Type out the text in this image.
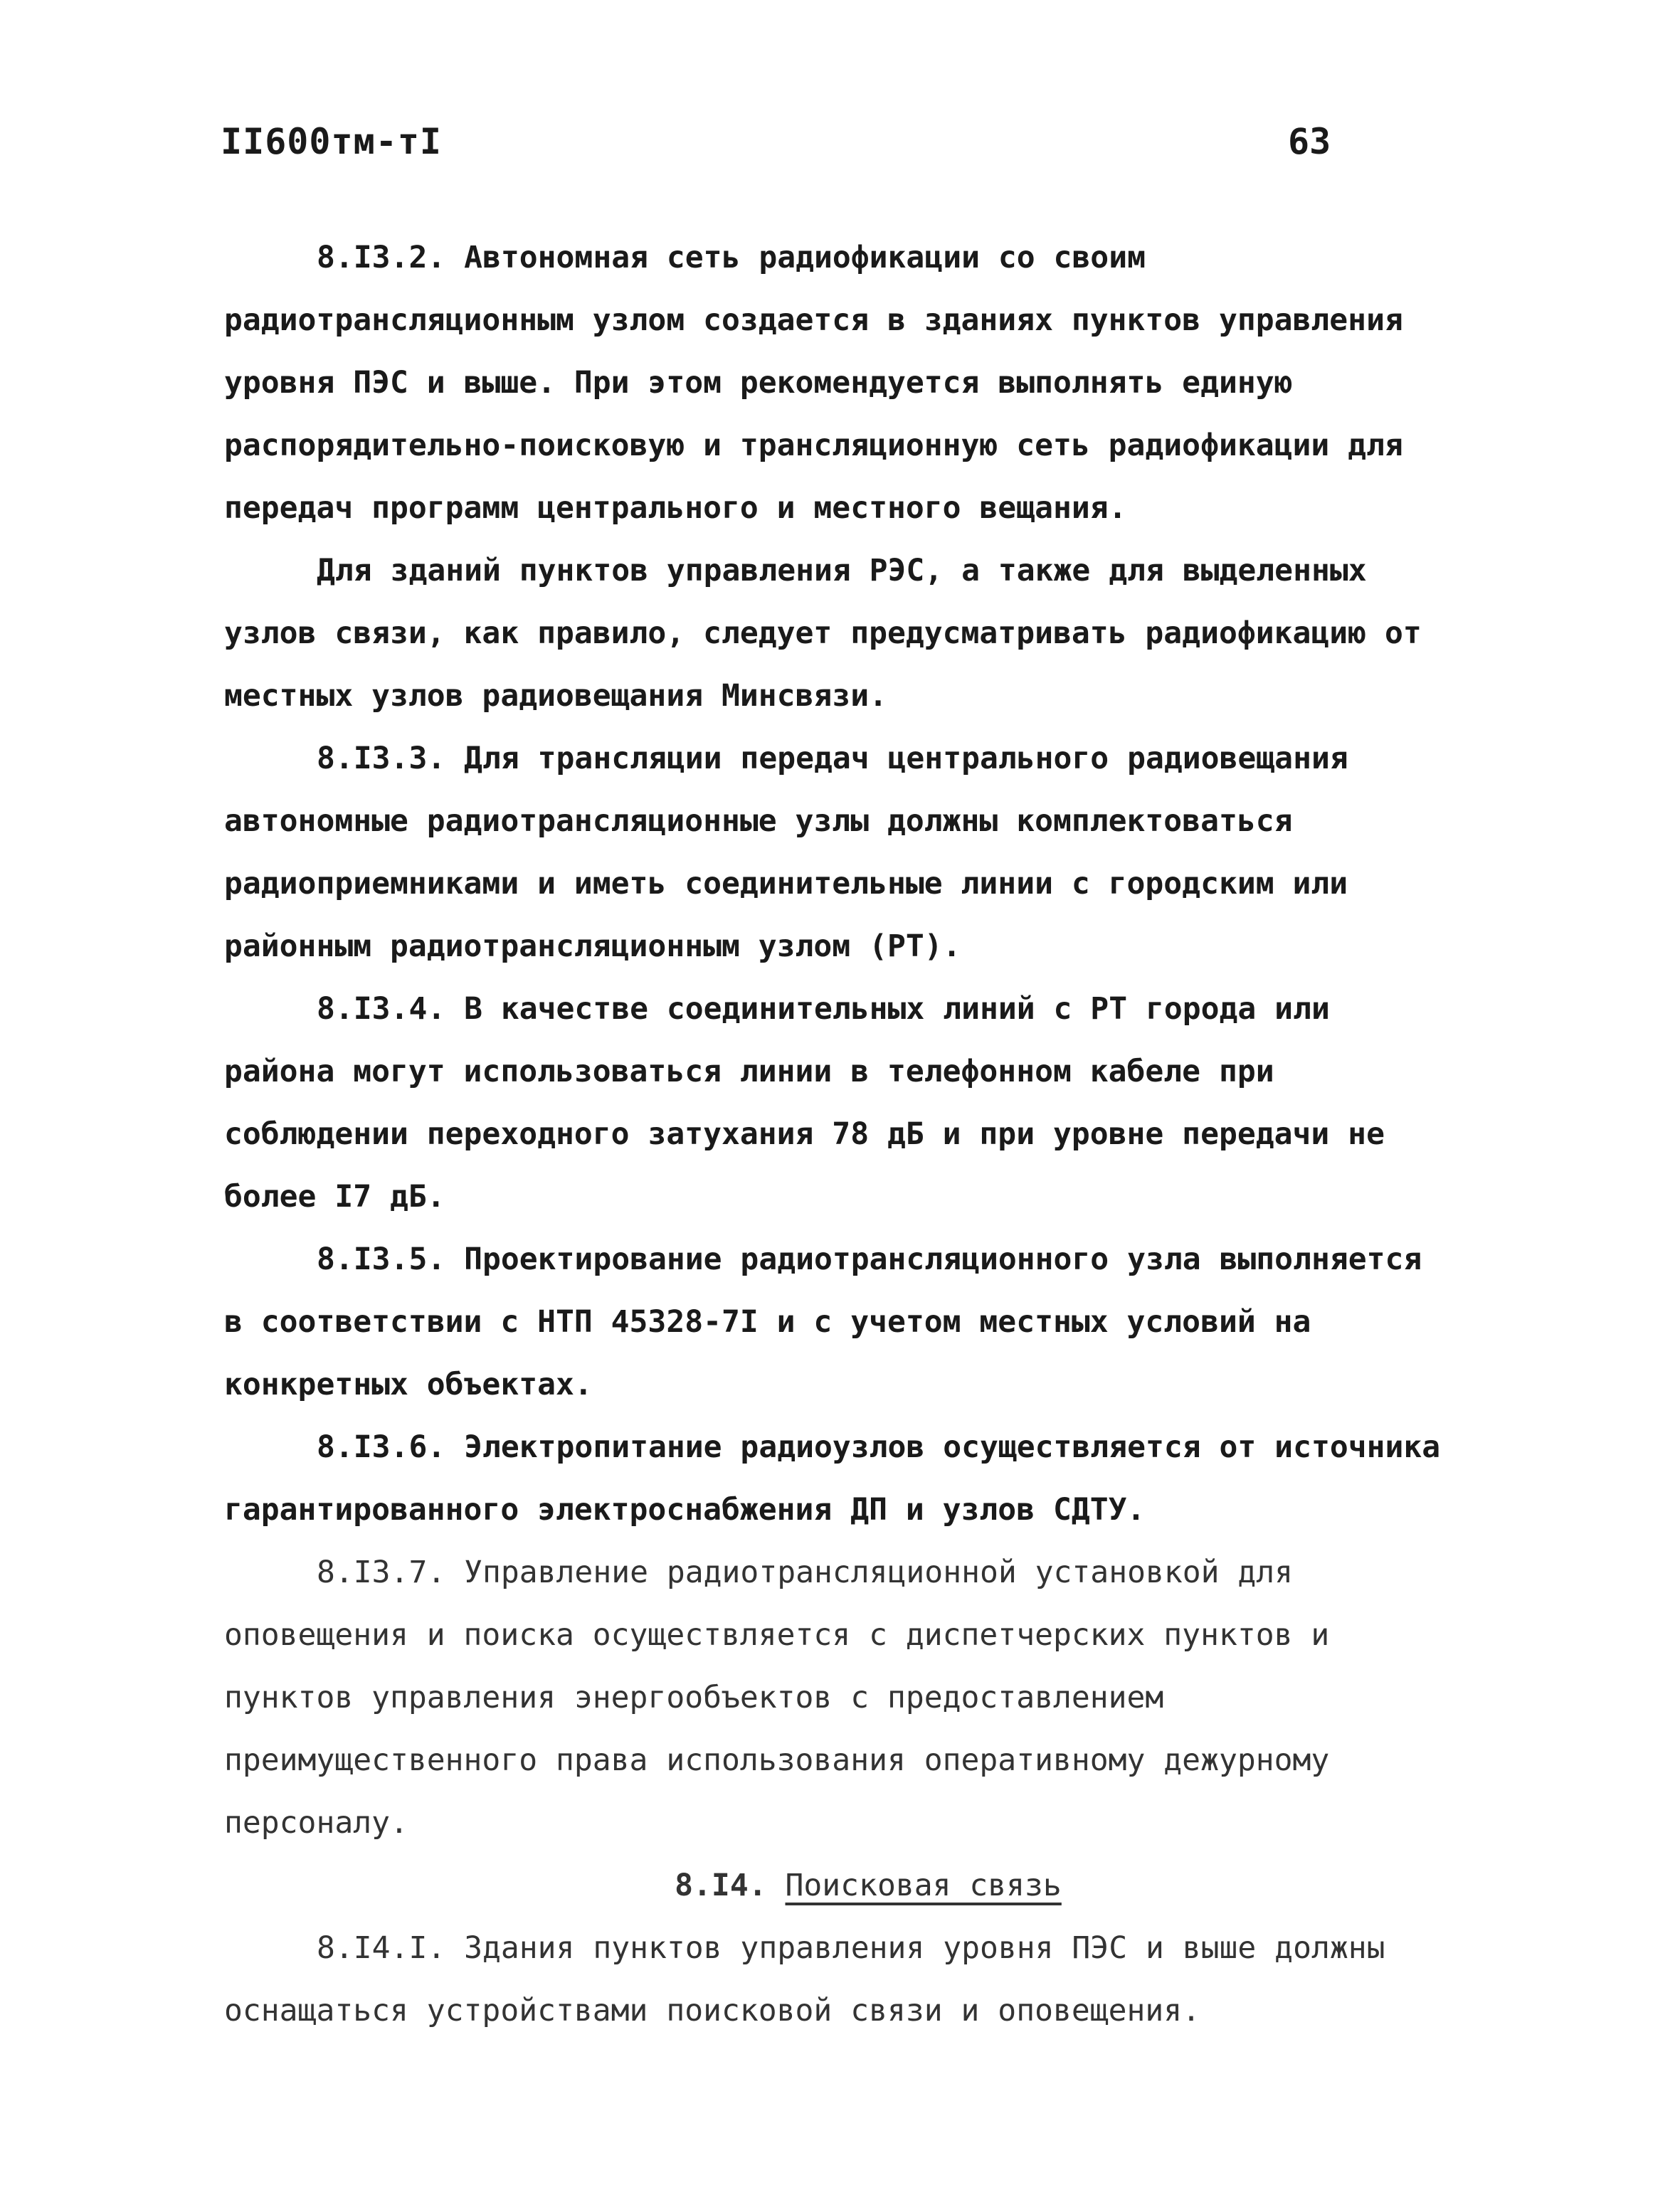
II600тм-тI	63

8.I3.2. Автономная сеть радиофикации со своим радиотрансляционным узлом создается в зданиях пунктов управления уровня ПЭС и выше. При этом рекомендуется выполнять единую распорядительно-поисковую и трансляционную сеть радиофикации для передач программ центрального и местного вещания.

Для зданий пунктов управления РЭС, а также для выделенных узлов связи, как правило, следует предусматривать радиофикацию от местных узлов радиовещания Минсвязи.

8.I3.3. Для трансляции передач центрального радиовещания автономные радиотрансляционные узлы должны комплектоваться радиоприемниками и иметь соединительные линии с городским или районным радиотрансляционным узлом (РТ).

8.I3.4. В качестве соединительных линий с РТ города или района могут использоваться линии в телефонном кабеле при соблюдении переходного затухания 78 дБ и при уровне передачи не более I7 дБ.

8.I3.5. Проектирование радиотрансляционного узла выполняется в соответствии с НТП 45328-7I и с учетом местных условий на конкретных объектах.

8.I3.6. Электропитание радиоузлов осуществляется от источника гарантированного электроснабжения ДП и узлов СДТУ.

8.I3.7. Управление радиотрансляционной установкой для оповещения и поиска осуществляется с диспетчерских пунктов и пунктов управления энергообъектов с предоставлением преимущественного права использования оперативному дежурному персоналу.

8.I4. Поисковая связь

8.I4.I. Здания пунктов управления уровня ПЭС и выше должны оснащаться устройствами поисковой связи и оповещения.
